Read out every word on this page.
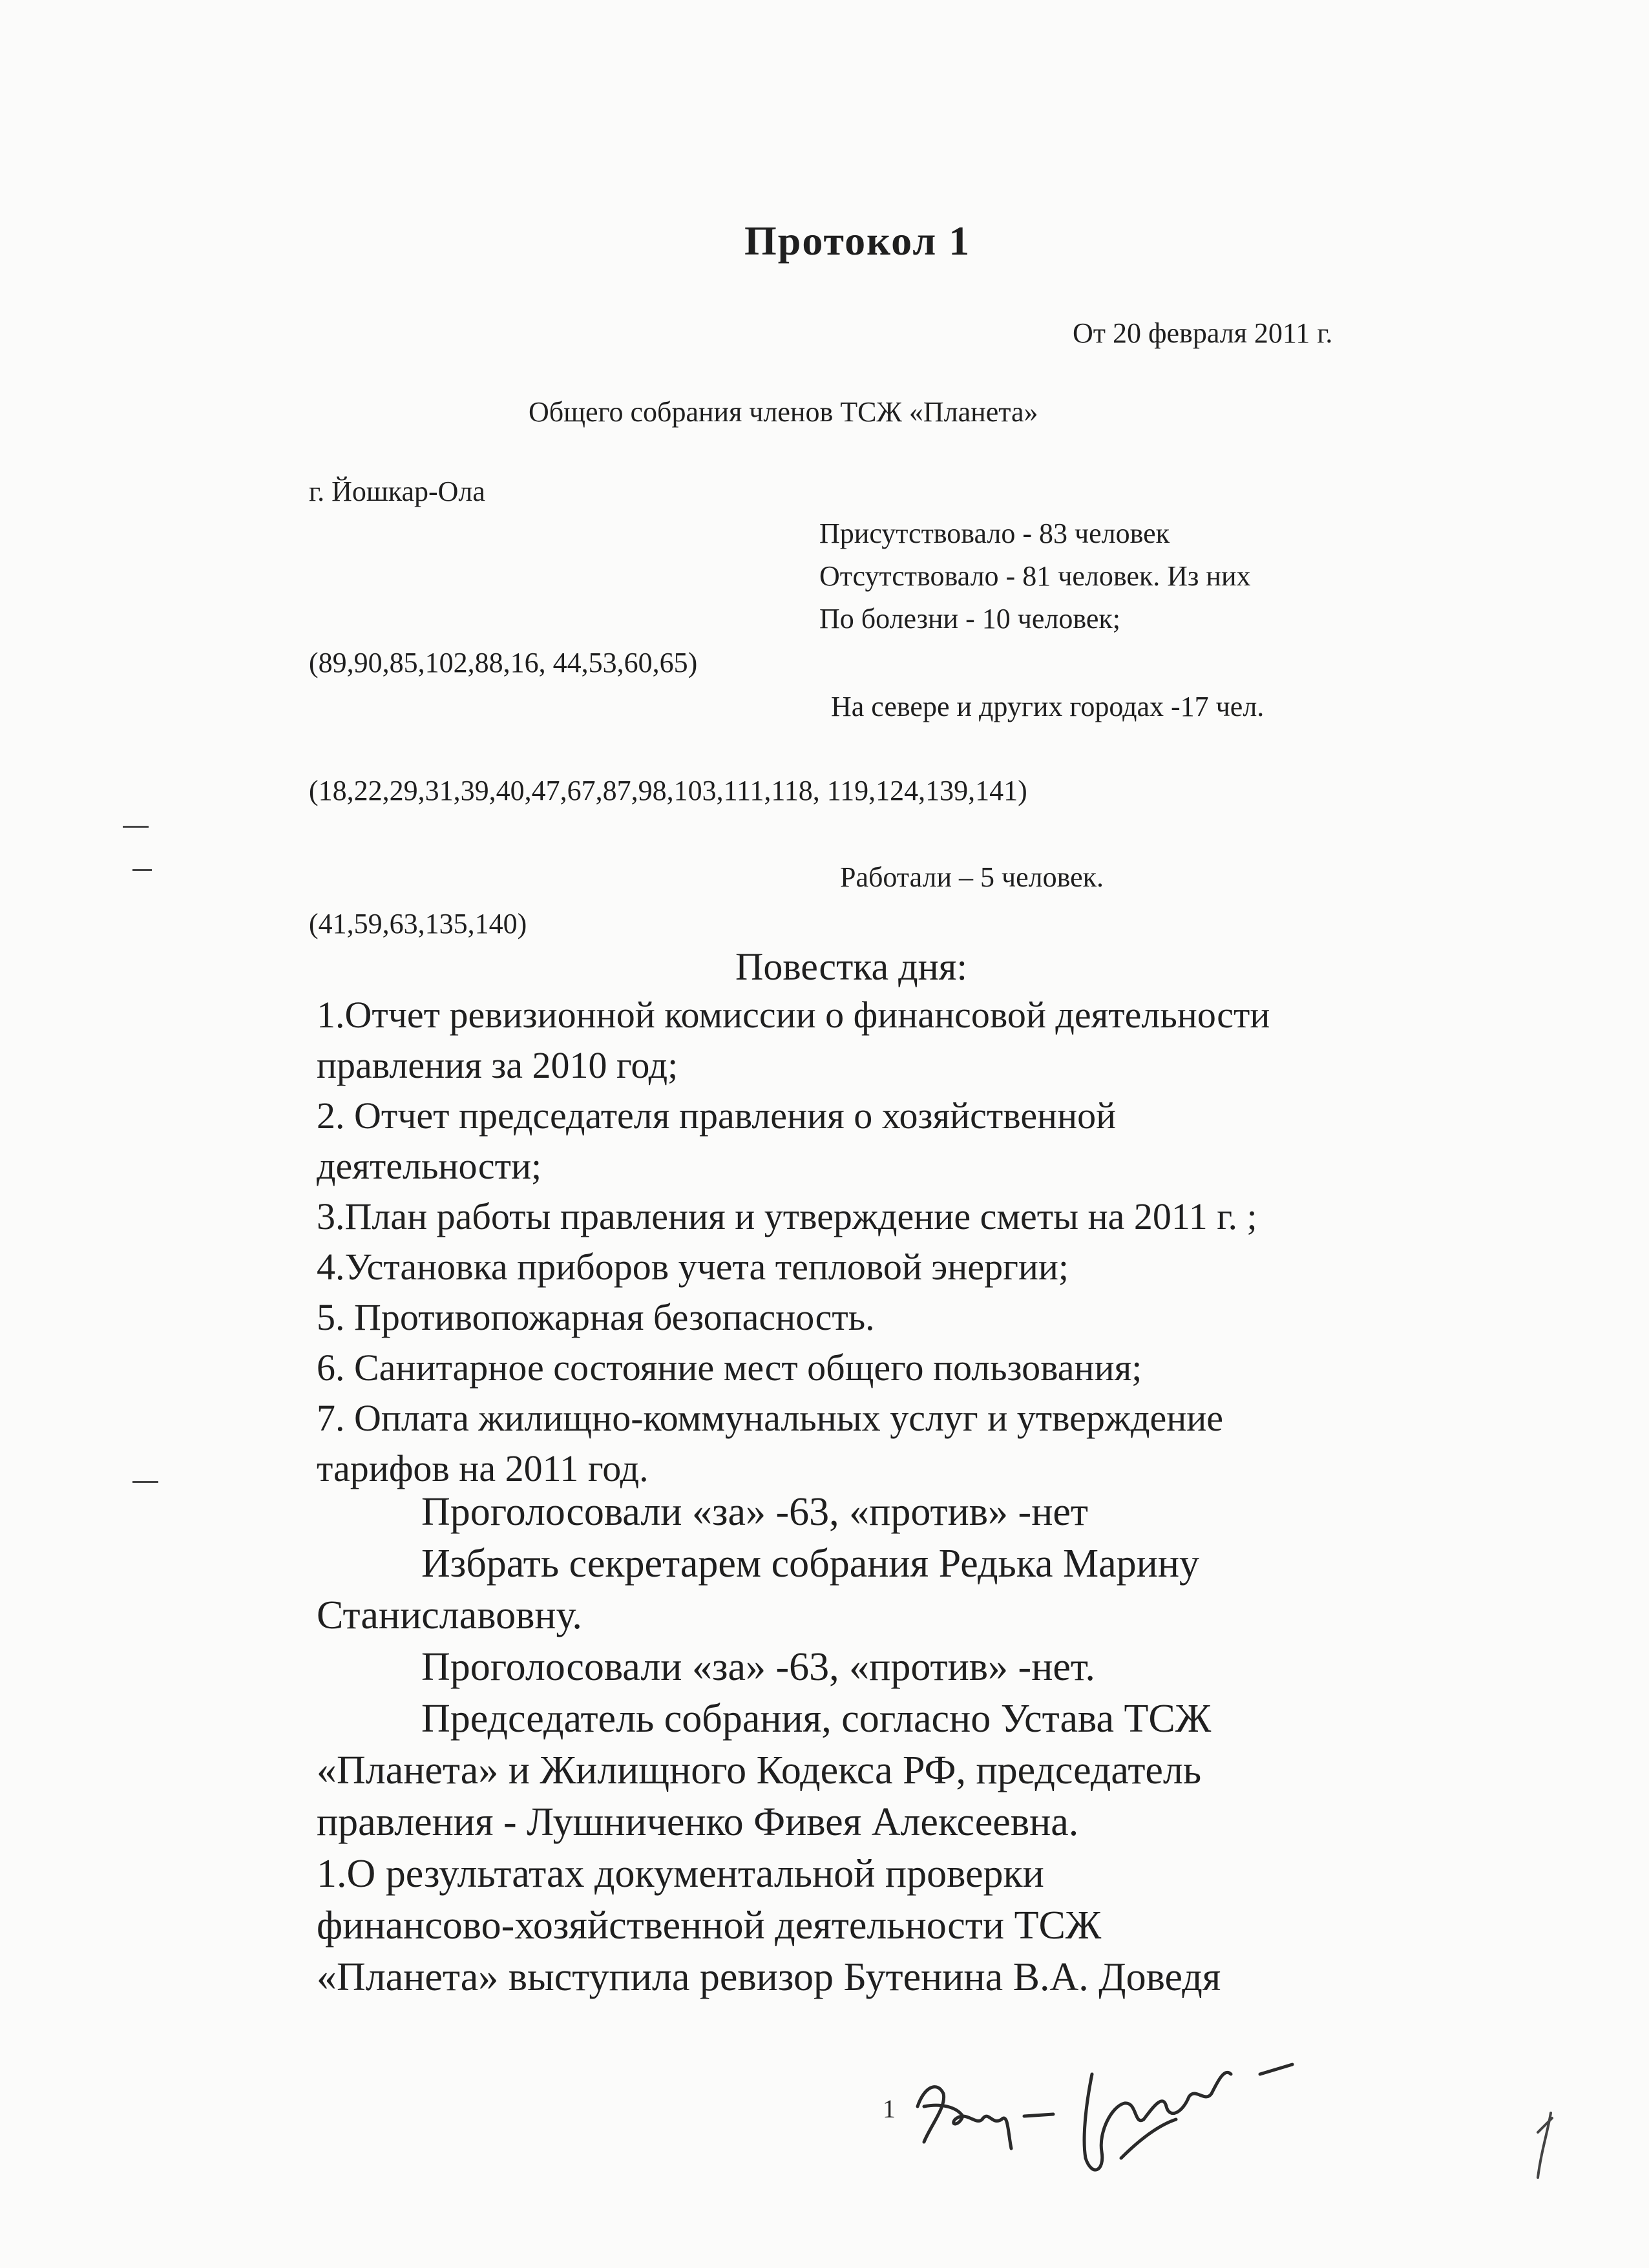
Протокол 1
От 20 февраля 2011 г.
Общего собрания членов ТСЖ «Планета»
г. Йошкар-Ола
Присутствовало - 83 человек
Отсутствовало - 81 человек. Из них
По болезни - 10 человек;
(89,90,85,102,88,16, 44,53,60,65)
На севере и других городах -17 чел.
(18,22,29,31,39,40,47,67,87,98,103,111,118, 119,124,139,141)
Работали – 5 человек.
(41,59,63,135,140)
Повестка дня:
1.Отчет ревизионной комиссии о финансовой деятельности
правления за 2010 год;
2. Отчет председателя правления о хозяйственной
деятельности;
3.План работы правления и утверждение сметы на 2011 г. ;
4.Установка приборов учета тепловой энергии;
5. Противопожарная безопасность.
6. Санитарное состояние мест общего пользования;
7. Оплата жилищно-коммунальных услуг и утверждение
тарифов на 2011 год.
Проголосовали «за» -63, «против» -нет
Избрать секретарем собрания Редька Марину
Станиславовну.
Проголосовали «за» -63, «против» -нет.
Председатель собрания, согласно Устава ТСЖ
«Планета» и Жилищного Кодекса РФ, председатель
правления - Лушниченко Фивея Алексеевна.
1.О результатах документальной проверки
финансово-хозяйственной деятельности ТСЖ
«Планета» выступила ревизор Бутенина В.А. Доведя
1
